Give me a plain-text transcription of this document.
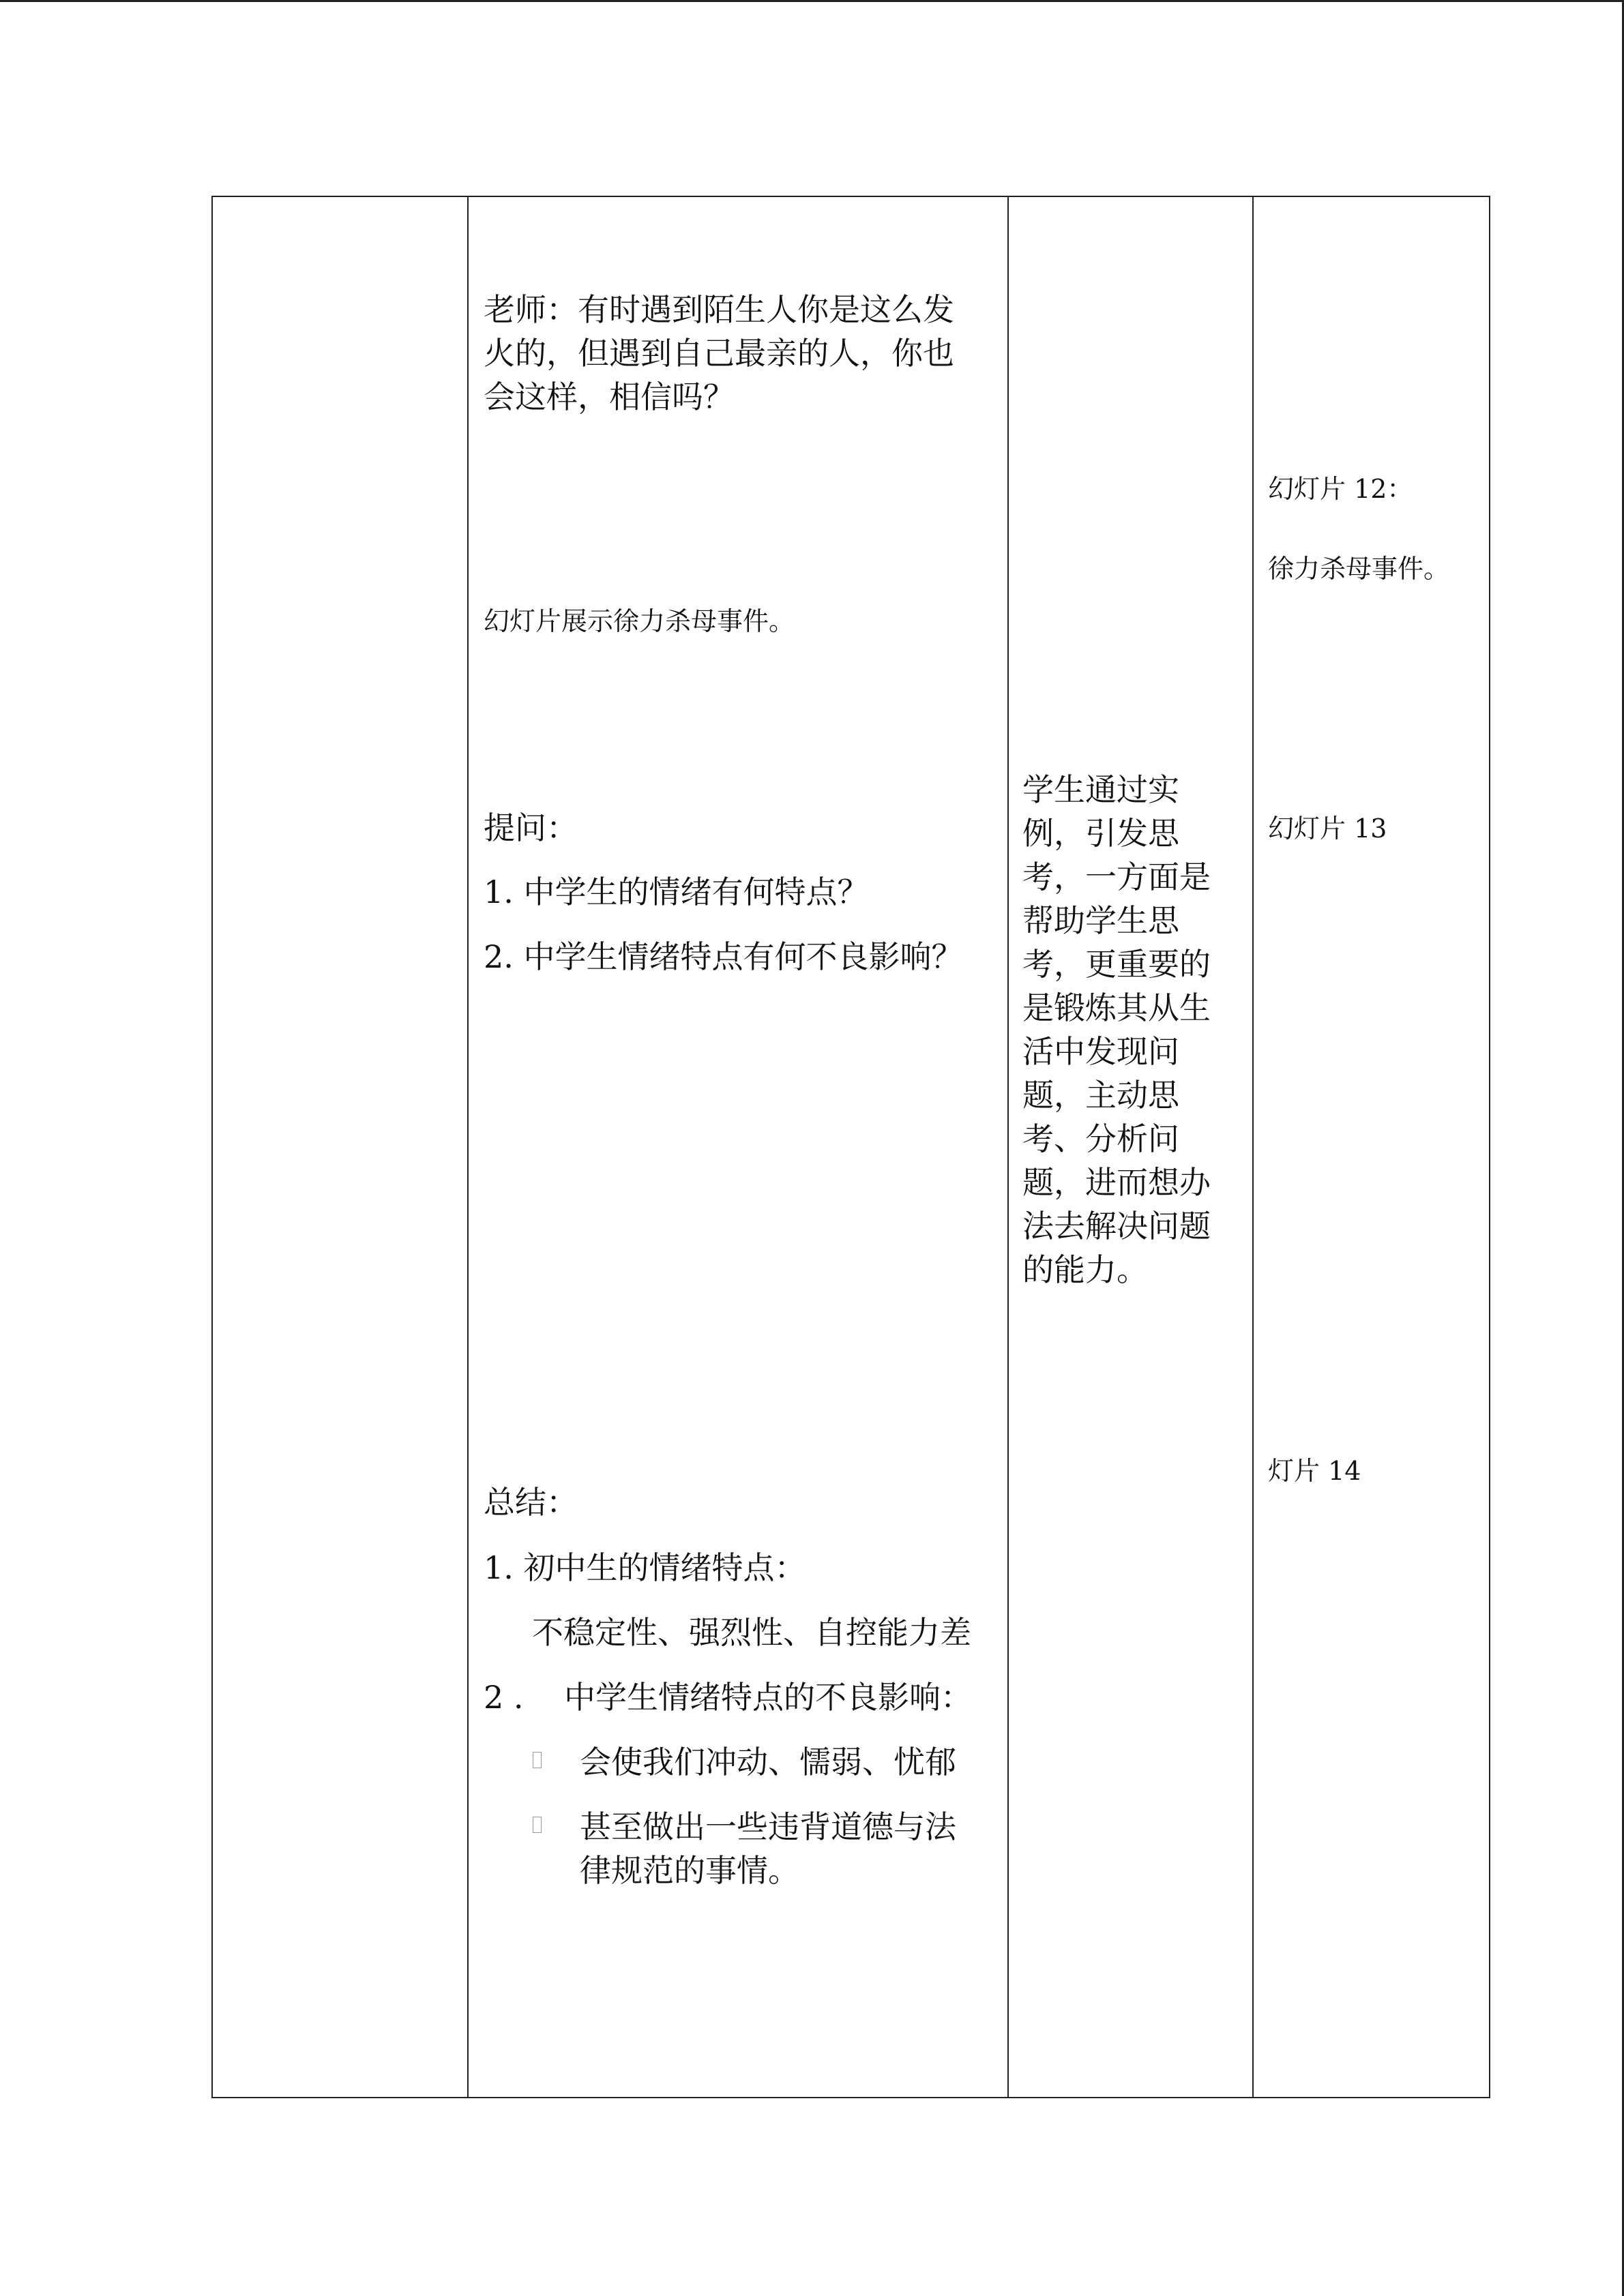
老师：有时遇到陌生人你是这么发

火的，但遇到自己最亲的人，你也

会这样，相信吗？

幻灯片展示徐力杀母事件。

提问：

1. 中学生的情绪有何特点？

2. 中学生情绪特点有何不良影响？

总结：

1. 初中生的情绪特点：

不稳定性、强烈性、自控能力差

2 . 中学生情绪特点的不良影响：

会使我们冲动、懦弱、忧郁

甚至做出一些违背道德与法

律规范的事情。

学生通过实例，引发思考，一方面是帮助学生思考，更重要的是锻炼其从生活中发现问题，主动思考、分析问题，进而想办法去解决问题的能力。

幻灯片 12：

徐力杀母事件。

幻灯片 13

灯片 14
